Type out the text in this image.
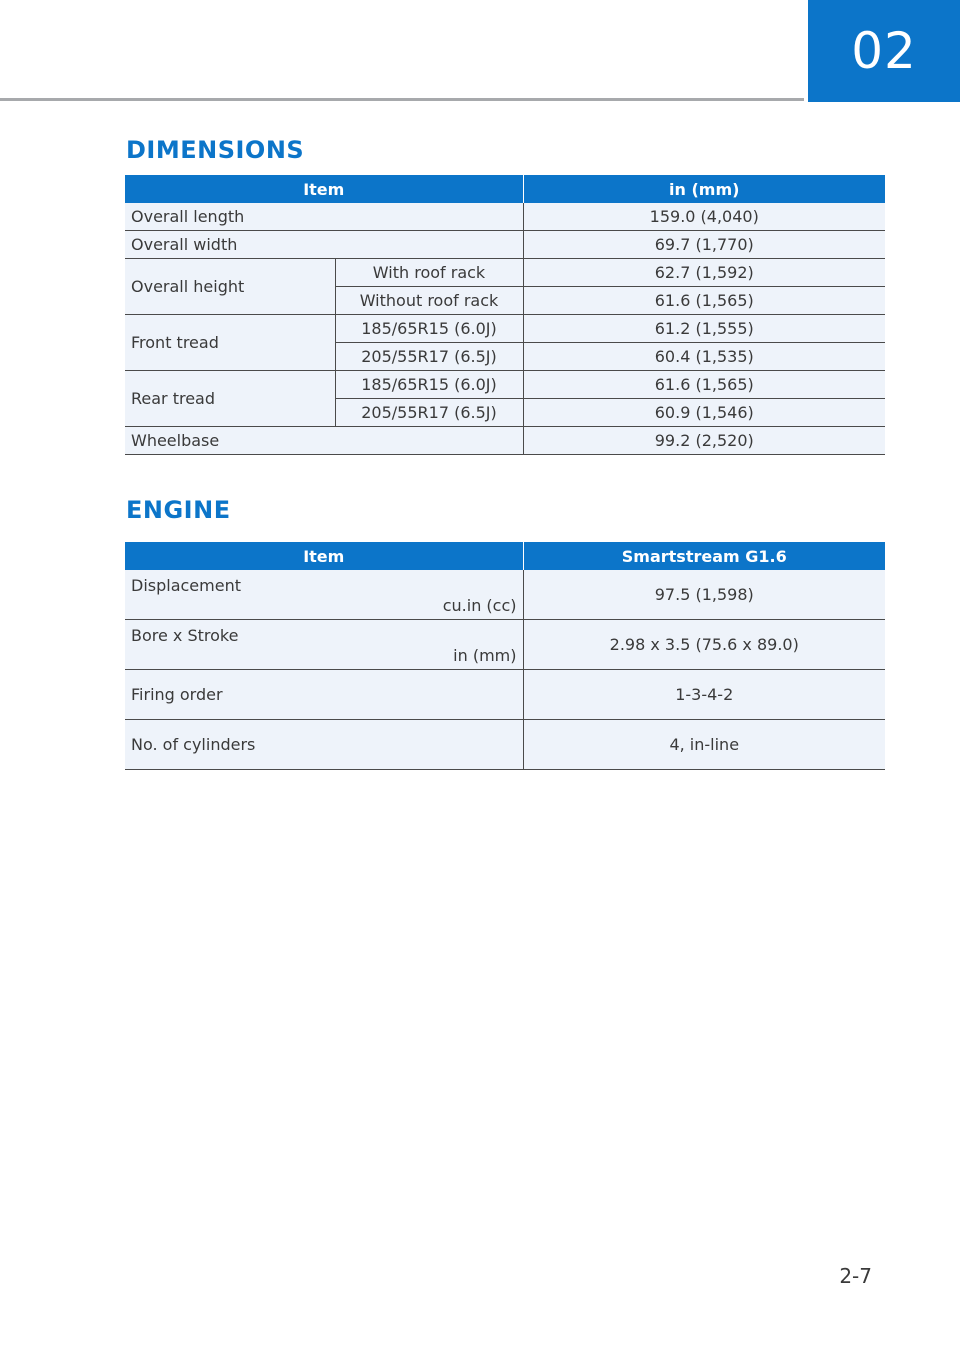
02
DIMENSIONS
Item		in (mm)
Overall length		159.0 (4,040)
Overall width		69.7 (1,770)
Overall height	With roof rack	62.7 (1,592)
	Without roof rack	61.6 (1,565)
Front tread	185/65R15 (6.0J)	61.2 (1,555)
	205/55R17 (6.5J)	60.4 (1,535)
Rear tread	185/65R15 (6.0J)	61.6 (1,565)
	205/55R17 (6.5J)	60.9 (1,546)
Wheelbase		99.2 (2,520)
ENGINE
Item	Smartstream G1.6

Displacement
cu.in (cc)	97.5 (1,598)

Bore x Stroke
in (mm)	2.98 x 3.5 (75.6 x 89.0)

Firing order	1-3-4-2

No. of cylinders	4, in-line
2-7
